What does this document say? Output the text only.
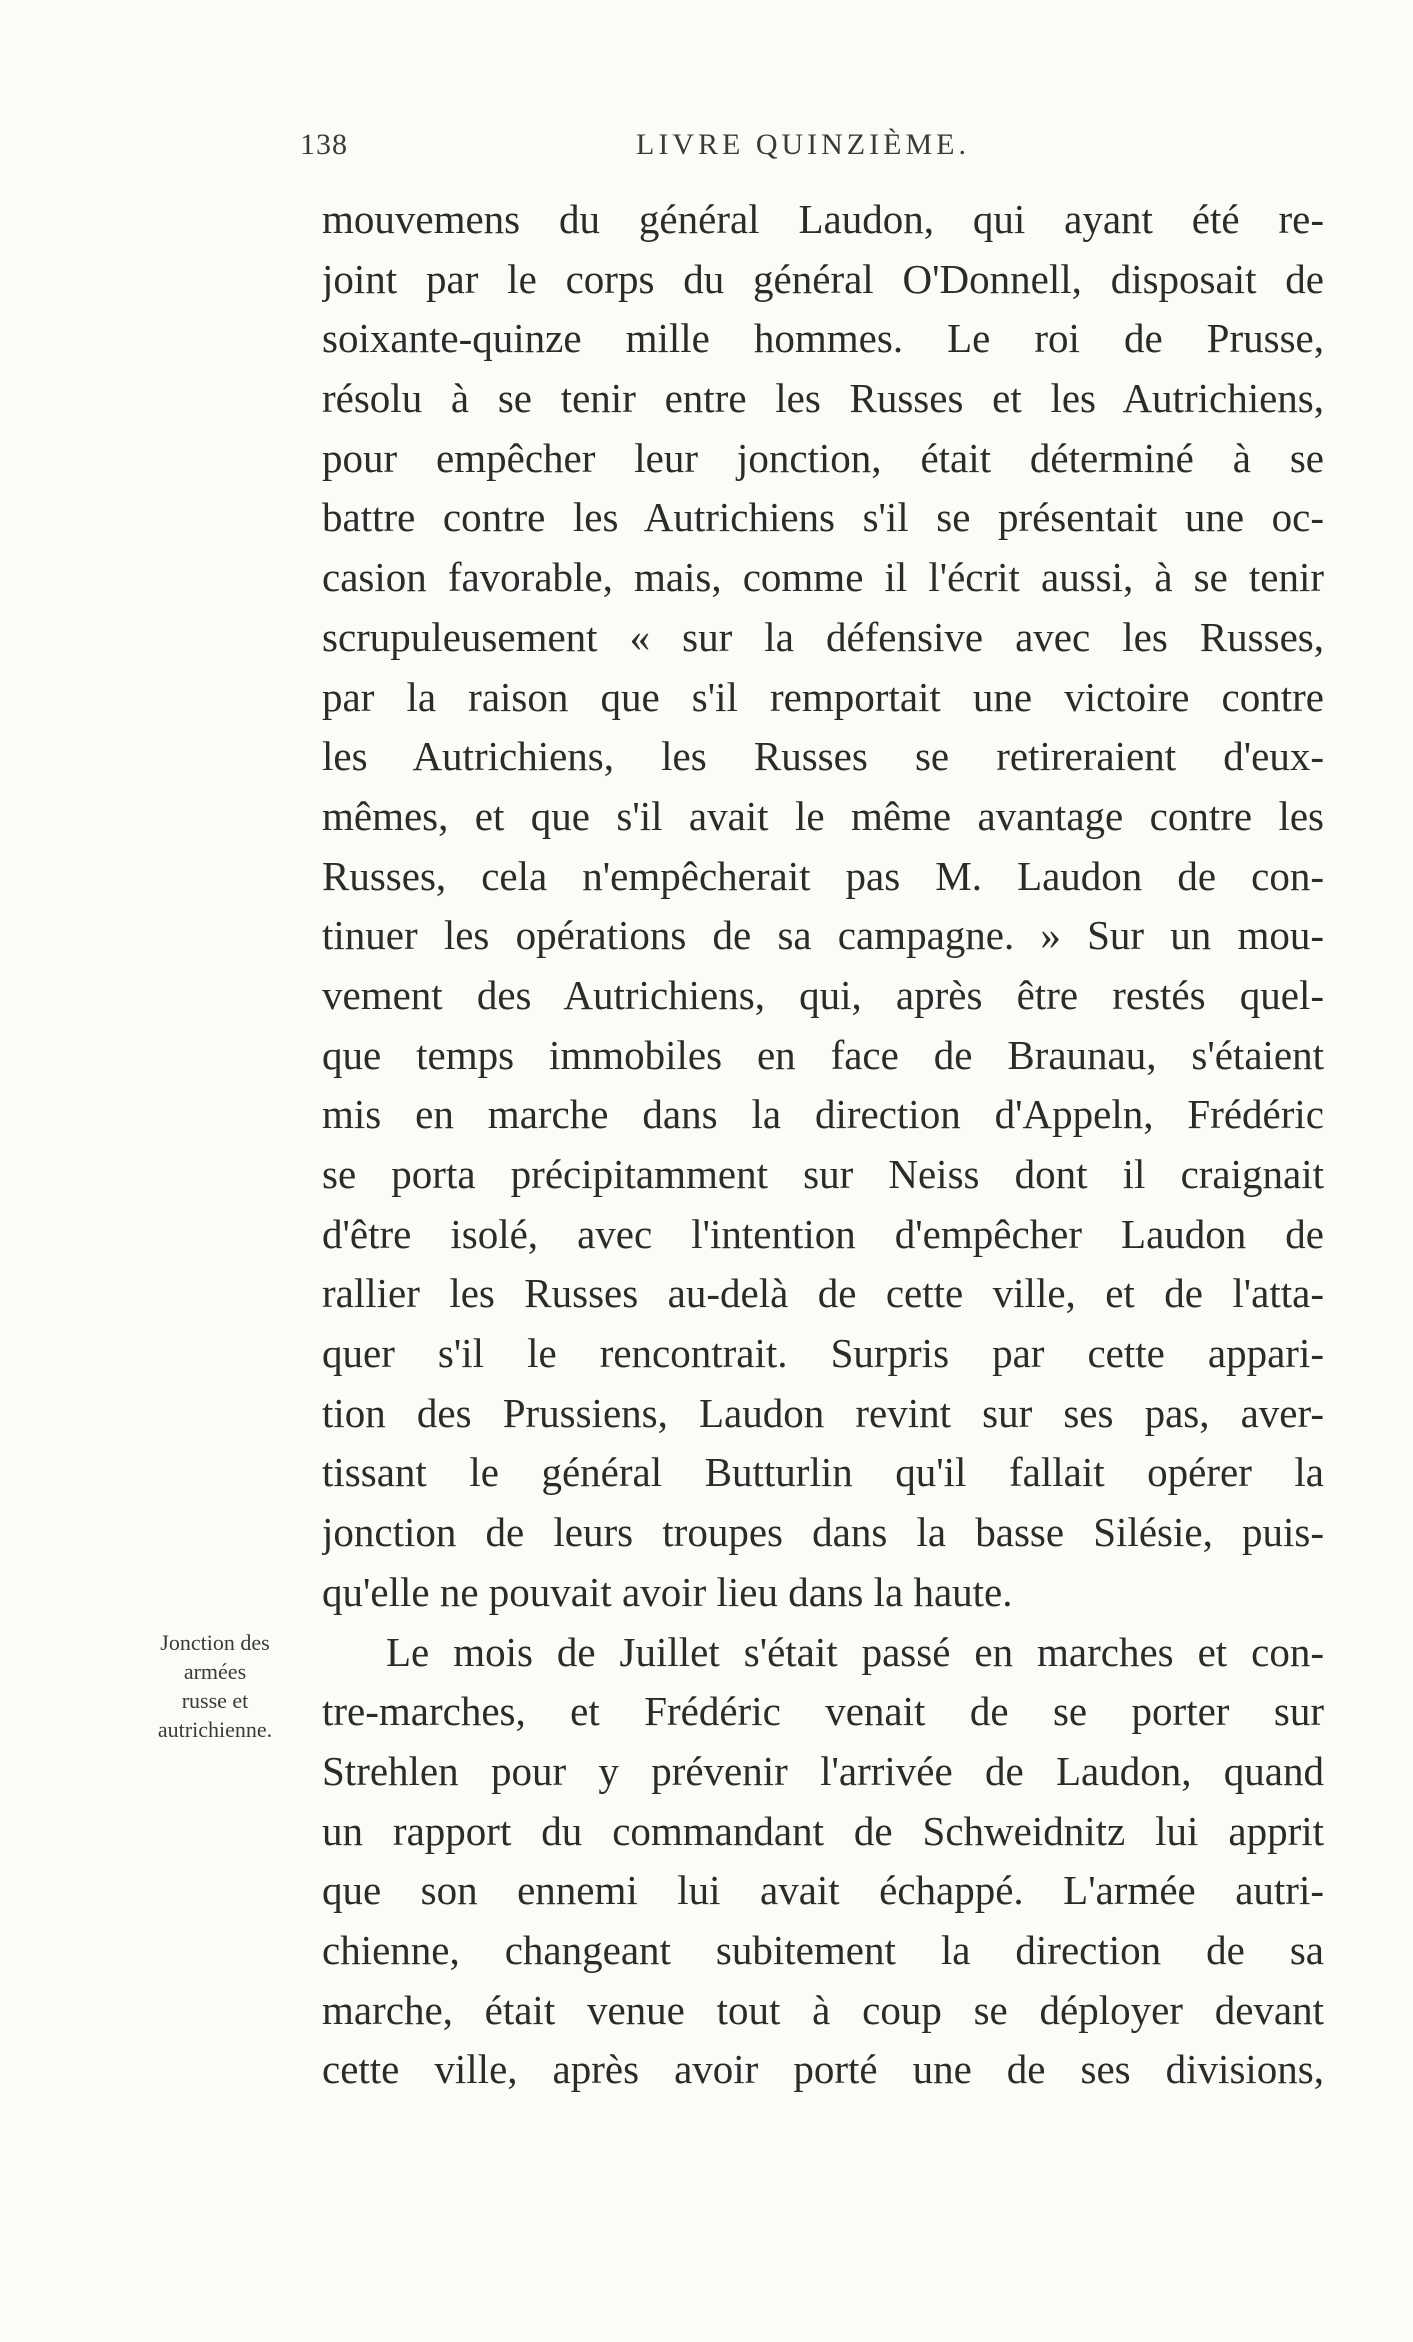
138	LIVRE QUINZIÈME.
Jonction des
armées
russe et
autrichienne.
mouvemens du général Laudon, qui ayant été re-
joint par le corps du général O'Donnell, disposait de
soixante-quinze mille hommes. Le roi de Prusse,
résolu à se tenir entre les Russes et les Autrichiens,
pour empêcher leur jonction, était déterminé à se
battre contre les Autrichiens s'il se présentait une oc-
casion favorable, mais, comme il l'écrit aussi, à se tenir
scrupuleusement « sur la défensive avec les Russes,
par la raison que s'il remportait une victoire contre
les Autrichiens, les Russes se retireraient d'eux-
mêmes, et que s'il avait le même avantage contre les
Russes, cela n'empêcherait pas M. Laudon de con-
tinuer les opérations de sa campagne. » Sur un mou-
vement des Autrichiens, qui, après être restés quel-
que temps immobiles en face de Braunau, s'étaient
mis en marche dans la direction d'Appeln, Frédéric
se porta précipitamment sur Neiss dont il craignait
d'être isolé, avec l'intention d'empêcher Laudon de
rallier les Russes au-delà de cette ville, et de l'atta-
quer s'il le rencontrait. Surpris par cette appari-
tion des Prussiens, Laudon revint sur ses pas, aver-
tissant le général Butturlin qu'il fallait opérer la
jonction de leurs troupes dans la basse Silésie, puis-
qu'elle ne pouvait avoir lieu dans la haute.
Le mois de Juillet s'était passé en marches et con-
tre-marches, et Frédéric venait de se porter sur
Strehlen pour y prévenir l'arrivée de Laudon, quand
un rapport du commandant de Schweidnitz lui apprit
que son ennemi lui avait échappé. L'armée autri-
chienne, changeant subitement la direction de sa
marche, était venue tout à coup se déployer devant
cette ville, après avoir porté une de ses divisions,
